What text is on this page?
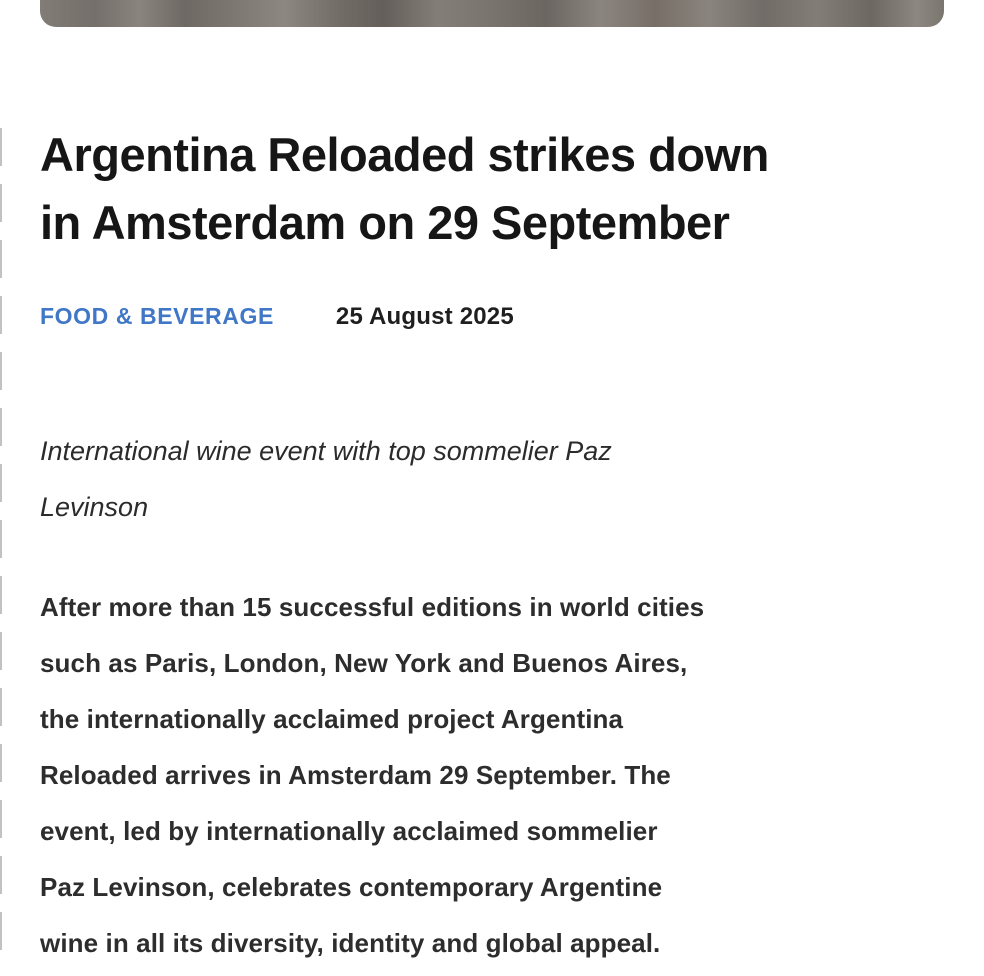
Argentina Reloaded strikes down
in Amsterdam on 29 September
FOOD & BEVERAGE	25 August 2025

International wine event with top sommelier Paz
Levinson

After more than 15 successful editions in world cities
such as Paris, London, New York and Buenos Aires,
the internationally acclaimed project Argentina
Reloaded arrives in Amsterdam 29 September. The
event, led by internationally acclaimed sommelier
Paz Levinson, celebrates contemporary Argentine
wine in all its diversity, identity and global appeal.
